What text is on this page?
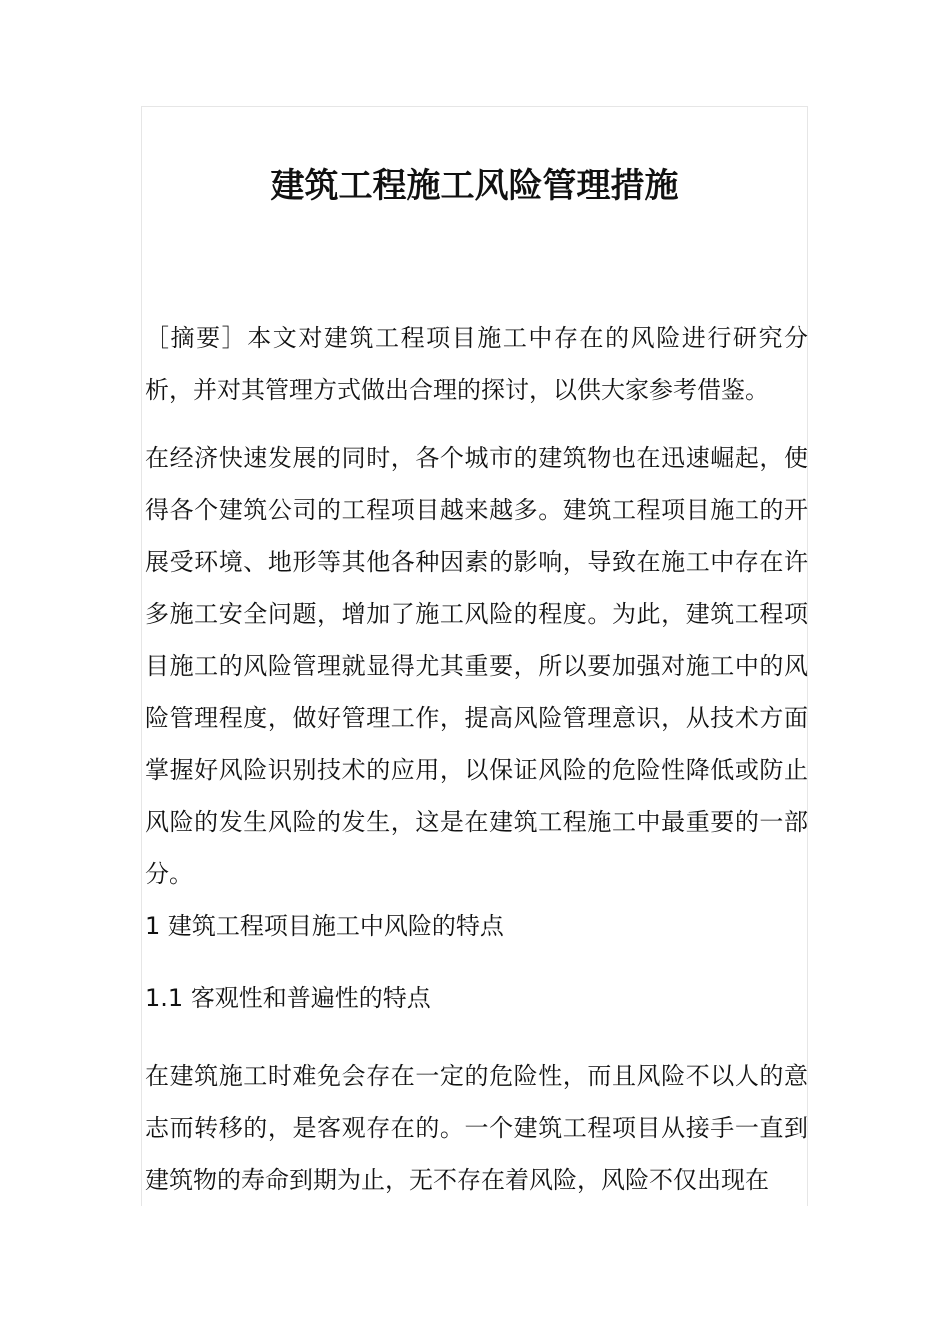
建筑工程施工风险管理措施

［摘要］本文对建筑工程项目施工中存在的风险进行研究分析，并对其管理方式做出合理的探讨，以供大家参考借鉴。

在经济快速发展的同时，各个城市的建筑物也在迅速崛起，使得各个建筑公司的工程项目越来越多。建筑工程项目施工的开展受环境、地形等其他各种因素的影响，导致在施工中存在许多施工安全问题，增加了施工风险的程度。为此，建筑工程项目施工的风险管理就显得尤其重要，所以要加强对施工中的风险管理程度，做好管理工作，提高风险管理意识，从技术方面掌握好风险识别技术的应用，以保证风险的危险性降低或防止风险的发生风险的发生，这是在建筑工程施工中最重要的一部分。

1 建筑工程项目施工中风险的特点
1.1 客观性和普遍性的特点

在建筑施工时难免会存在一定的危险性，而且风险不以人的意志而转移的，是客观存在的。一个建筑工程项目从接手一直到建筑物的寿命到期为止，无不存在着风险，风险不仅出现在
